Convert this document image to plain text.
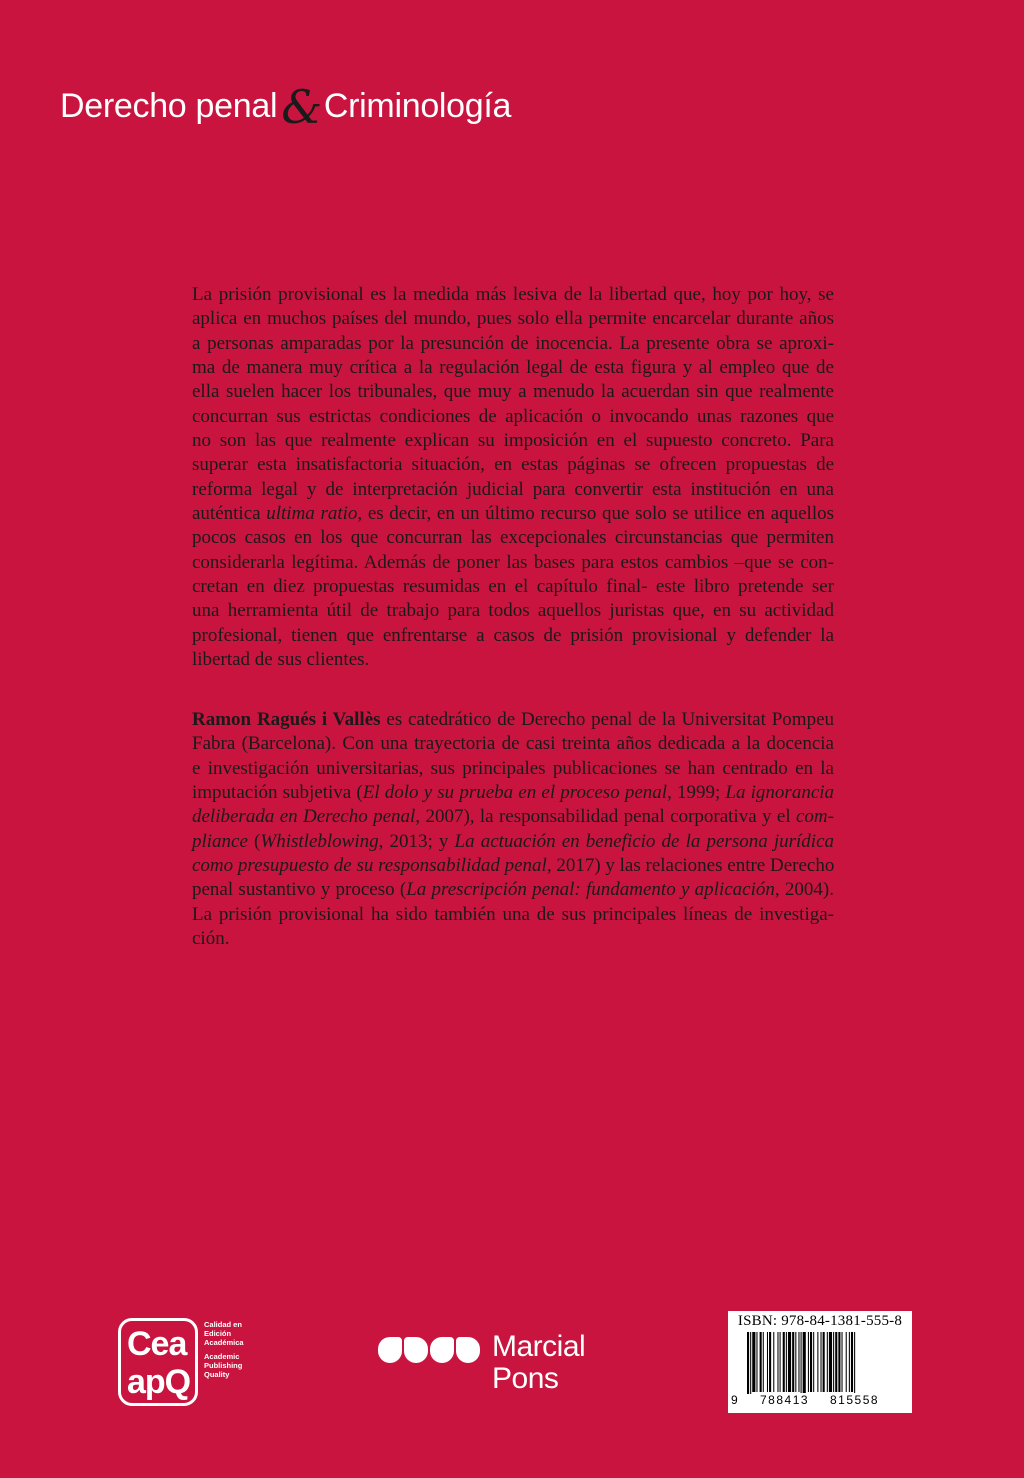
Derecho penal&Criminología
La prisión provisional es la medida más lesiva de la libertad que, hoy por hoy, se
aplica en muchos países del mundo, pues solo ella permite encarcelar durante años
a personas amparadas por la presunción de inocencia. La presente obra se aproxi-
ma de manera muy crítica a la regulación legal de esta figura y al empleo que de
ella suelen hacer los tribunales, que muy a menudo la acuerdan sin que realmente
concurran sus estrictas condiciones de aplicación o invocando unas razones que
no son las que realmente explican su imposición en el supuesto concreto. Para
superar esta insatisfactoria situación, en estas páginas se ofrecen propuestas de
reforma legal y de interpretación judicial para convertir esta institución en una
auténtica ultima ratio, es decir, en un último recurso que solo se utilice en aquellos
pocos casos en los que concurran las excepcionales circunstancias que permiten
considerarla legítima. Además de poner las bases para estos cambios –que se con-
cretan en diez propuestas resumidas en el capítulo final- este libro pretende ser
una herramienta útil de trabajo para todos aquellos juristas que, en su actividad
profesional, tienen que enfrentarse a casos de prisión provisional y defender la
libertad de sus clientes.
Ramon Ragués i Vallès es catedrático de Derecho penal de la Universitat Pompeu
Fabra (Barcelona). Con una trayectoria de casi treinta años dedicada a la docencia
e investigación universitarias, sus principales publicaciones se han centrado en la
imputación subjetiva (El dolo y su prueba en el proceso penal, 1999; La ignorancia
deliberada en Derecho penal, 2007), la responsabilidad penal corporativa y el com-
pliance (Whistleblowing, 2013; y La actuación en beneficio de la persona jurídica
como presupuesto de su responsabilidad penal, 2017) y las relaciones entre Derecho
penal sustantivo y proceso (La prescripción penal: fundamento y aplicación, 2004).
La prisión provisional ha sido también una de sus principales líneas de investiga-
ción.
Cea
apQ
Calidad en
Edición
Académica
Academic
Publishing
Quality
Marcial
Pons
ISBN: 978-84-1381-555-8
9 788413 815558
